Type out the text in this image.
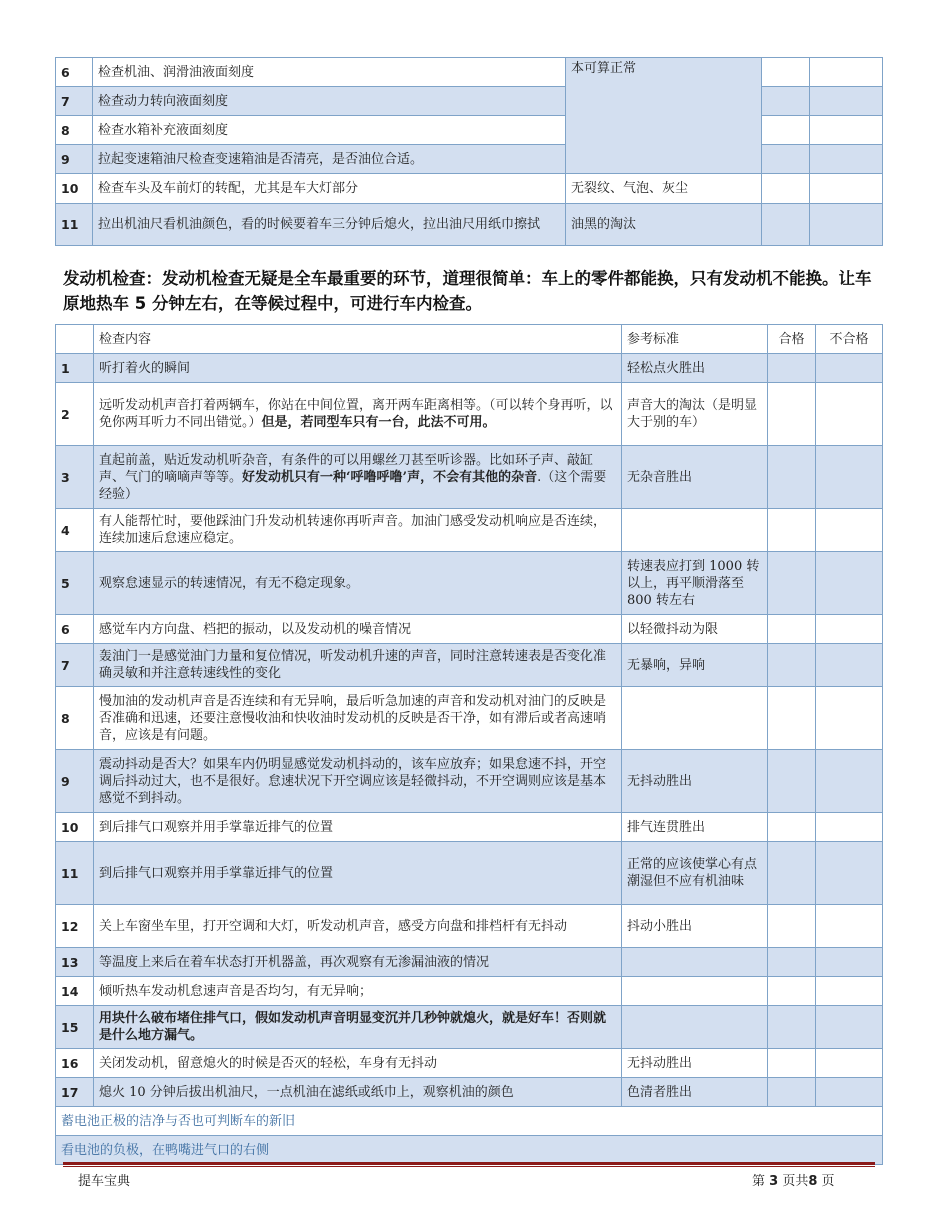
6	检查机油、润滑油液面刻度	本可算正常		
7	检查动力转向液面刻度			
8	检查水箱补充液面刻度			
9	拉起变速箱油尺检查变速箱油是否清亮，是否油位合适。			
10	检查车头及车前灯的转配，尤其是车大灯部分	无裂纹、气泡、灰尘		
11	拉出机油尺看机油颜色，看的时候要着车三分钟后熄火，拉出油尺用纸巾擦拭	油黑的淘汰		
发动机检查：发动机检查无疑是全车最重要的环节，道理很简单：车上的零件都能换，只有发动机不能换。让车原地热车 5 分钟左右，在等候过程中，可进行车内检查。
	检查内容	参考标准	合格	不合格
1	听打着火的瞬间	轻松点火胜出		
2	远听发动机声音打着两辆车，你站在中间位置，离开两车距离相等。（可以转个身再听，以免你两耳听力不同出错觉。）但是，若同型车只有一台，此法不可用。	声音大的淘汰（是明显大于别的车）		
3	直起前盖，贴近发动机听杂音，有条件的可以用螺丝刀甚至听诊器。比如环子声、敲缸声、气门的嘀嘀声等等。好发动机只有一种‘呼噜呼噜’声，不会有其他的杂音.（这个需要经验）	无杂音胜出		
4	有人能帮忙时，要他踩油门升发动机转速你再听声音。加油门感受发动机响应是否连续，连续加速后怠速应稳定。			
5	观察怠速显示的转速情况，有无不稳定现象。	转速表应打到 1000 转以上，再平顺滑落至 800 转左右		
6	感觉车内方向盘、档把的振动，以及发动机的噪音情况	以轻微抖动为限		
7	轰油门一是感觉油门力量和复位情况，听发动机升速的声音，同时注意转速表是否变化准确灵敏和并注意转速线性的变化	无暴响，异响		
8	慢加油的发动机声音是否连续和有无异响，最后听急加速的声音和发动机对油门的反映是否准确和迅速，还要注意慢收油和快收油时发动机的反映是否干净，如有滞后或者高速哨音，应该是有问题。			
9	震动抖动是否大？如果车内仍明显感觉发动机抖动的，该车应放弃；如果怠速不抖，开空调后抖动过大，也不是很好。怠速状况下开空调应该是轻微抖动，不开空调则应该是基本感觉不到抖动。	无抖动胜出		
10	到后排气口观察并用手掌靠近排气的位置	排气连贯胜出		
11	到后排气口观察并用手掌靠近排气的位置	正常的应该使掌心有点潮湿但不应有机油味		
12	关上车窗坐车里，打开空调和大灯，听发动机声音，感受方向盘和排档杆有无抖动	抖动小胜出		
13	等温度上来后在着车状态打开机器盖，再次观察有无渗漏油液的情况			
14	倾听热车发动机怠速声音是否均匀，有无异响；			
15	用块什么破布堵住排气口，假如发动机声音明显变沉并几秒钟就熄火，就是好车！否则就是什么地方漏气。			
16	关闭发动机，留意熄火的时候是否灭的轻松，车身有无抖动	无抖动胜出		
17	熄火 10 分钟后拔出机油尺，一点机油在滤纸或纸巾上，观察机油的颜色	色清者胜出		
蓄电池正极的洁净与否也可判断车的新旧				
看电池的负极，在鸭嘴进气口的右侧				
提车宝典	第 3 页共8 页
